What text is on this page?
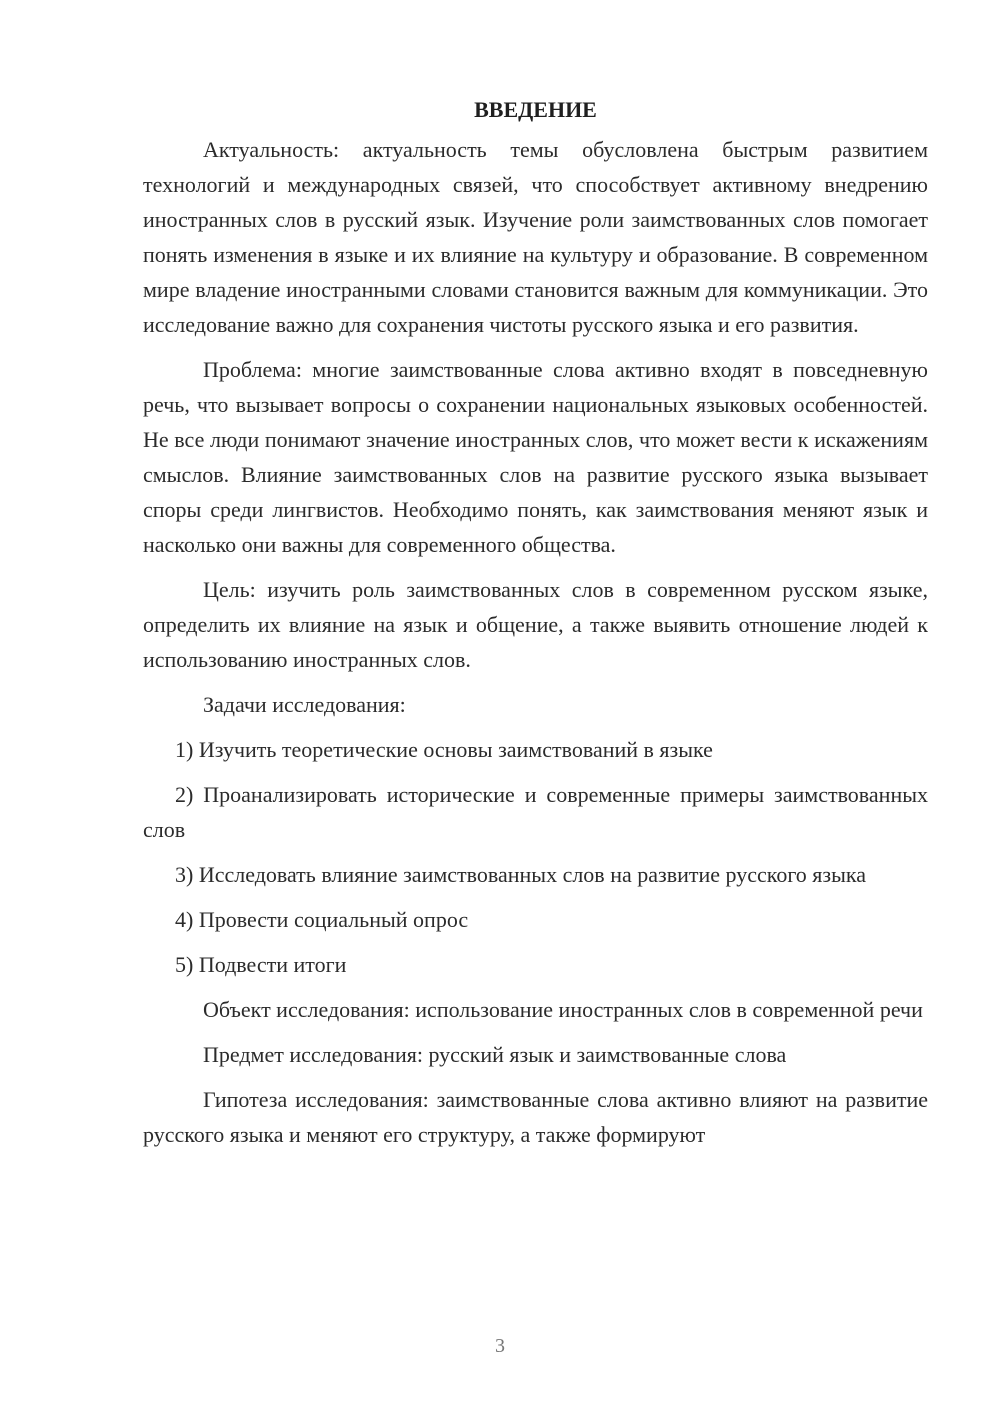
ВВЕДЕНИЕ

Актуальность: актуальность темы обусловлена быстрым развитием технологий и международных связей, что способствует активному внедрению иностранных слов в русский язык. Изучение роли заимствованных слов помогает понять изменения в языке и их влияние на культуру и образование. В современном мире владение иностранными словами становится важным для коммуникации. Это исследование важно для сохранения чистоты русского языка и его развития.

Проблема: многие заимствованные слова активно входят в повседневную речь, что вызывает вопросы о сохранении национальных языковых особенностей. Не все люди понимают значение иностранных слов, что может вести к искажениям смыслов. Влияние заимствованных слов на развитие русского языка вызывает споры среди лингвистов. Необходимо понять, как заимствования меняют язык и насколько они важны для современного общества.

Цель: изучить роль заимствованных слов в современном русском языке, определить их влияние на язык и общение, а также выявить отношение людей к использованию иностранных слов.

Задачи исследования:

1) Изучить теоретические основы заимствований в языке

2) Проанализировать исторические и современные примеры заимствованных слов

3) Исследовать влияние заимствованных слов на развитие русского языка

4) Провести социальный опрос

5) Подвести итоги

Объект исследования: использование иностранных слов в современной речи

Предмет исследования: русский язык и заимствованные слова

Гипотеза исследования: заимствованные слова активно влияют на развитие русского языка и меняют его структуру, а также формируют

3
